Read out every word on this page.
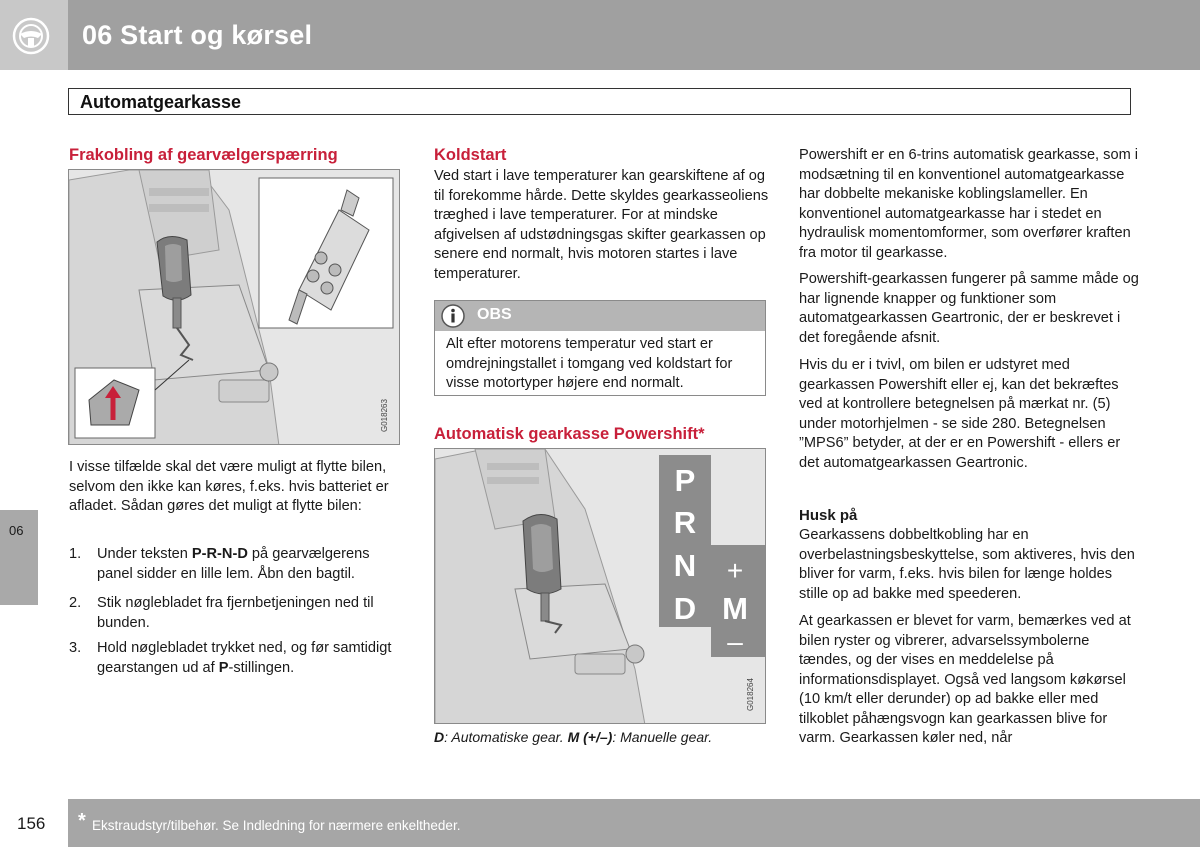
06 Start og kørsel
06
Automatgearkasse
Frakobling af gearvælgerspærring
G018263
I visse tilfælde skal det være muligt at flytte bilen, selvom den ikke kan køres, f.eks. hvis batteriet er afladet. Sådan gøres det muligt at flytte bilen:
1. Under teksten P-R-N-D på gearvælgerens panel sidder en lille lem. Åbn den bagtil.
2. Stik nøglebladet fra fjernbetjeningen ned til bunden.
3. Hold nøglebladet trykket ned, og før samtidigt gearstangen ud af P-stillingen.
Koldstart
Ved start i lave temperaturer kan gearskiftene af og til forekomme hårde. Dette skyldes gearkasseoliens træghed i lave temperaturer. For at mindske afgivelsen af udstødningsgas skifter gearkassen op senere end normalt, hvis motoren startes i lave temperaturer.
OBS
Alt efter motorens temperatur ved start er omdrejningstallet i tomgang ved koldstart for visse motortyper højere end normalt.
Automatisk gearkasse Powershift*
P
R
N
D
+
M
–
G018264
D: Automatiske gear. M (+/–): Manuelle gear.
Powershift er en 6-trins automatisk gearkasse, som i modsætning til en konventionel automatgearkasse har dobbelte mekaniske koblingslameller. En konventionel automatgearkasse har i stedet en hydraulisk momentomformer, som overfører kraften fra motor til gearkasse.
Powershift-gearkassen fungerer på samme måde og har lignende knapper og funktioner som automatgearkassen Geartronic, der er beskrevet i det foregående afsnit.
Hvis du er i tvivl, om bilen er udstyret med gearkassen Powershift eller ej, kan det bekræftes ved at kontrollere betegnelsen på mærkat nr. (5) under motorhjelmen - se side 280. Betegnelsen ”MPS6” betyder, at der er en Powershift - ellers er det automatgearkassen Geartronic.
Husk på
Gearkassens dobbeltkobling har en overbelastningsbeskyttelse, som aktiveres, hvis den bliver for varm, f.eks. hvis bilen for længe holdes stille op ad bakke med speederen.
At gearkassen er blevet for varm, bemærkes ved at bilen ryster og vibrerer, advarselssymbolerne tændes, og der vises en meddelelse på informationsdisplayet. Også ved langsom køkørsel (10 km/t eller derunder) op ad bakke eller med tilkoblet påhængsvogn kan gearkassen blive for varm. Gearkassen køler ned, når
156 * Ekstraudstyr/tilbehør. Se Indledning for nærmere enkeltheder.
